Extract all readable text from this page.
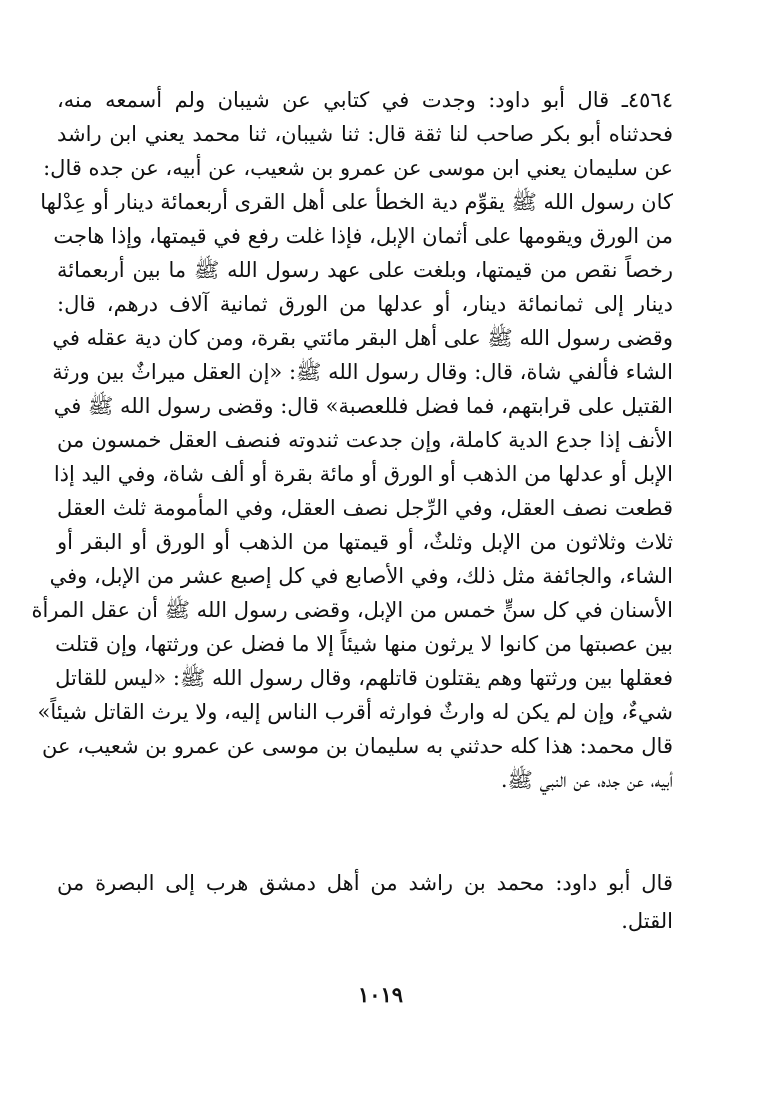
٤٥٦٤ـ قال أبو داود: وجدت في كتابي عن شيبان ولم أسمعه منه،
فحدثناه أبو بكر صاحب لنا ثقة قال: ثنا شيبان، ثنا محمد يعني ابن راشد
عن سليمان يعني ابن موسى عن عمرو بن شعيب، عن أبيه، عن جده قال:
كان رسول الله ﷺ يقوِّم دية الخطأ على أهل القرى أربعمائة دينار أو عِدْلها
من الورق ويقومها على أثمان الإبل، فإذا غلت رفع في قيمتها، وإذا هاجت
رخصاً نقص من قيمتها، وبلغت على عهد رسول الله ﷺ ما بين أربعمائة
دينار إلى ثمانمائة دينار، أو عدلها من الورق ثمانية آلاف درهم، قال:
وقضى رسول الله ﷺ على أهل البقر مائتي بقرة، ومن كان دية عقله في
الشاء فألفي شاة، قال: وقال رسول الله ﷺ: «إن العقل ميراثٌ بين ورثة
القتيل على قرابتهم، فما فضل فللعصبة» قال: وقضى رسول الله ﷺ في
الأنف إذا جدع الدية كاملة، وإن جدعت ثندوته فنصف العقل خمسون من
الإبل أو عدلها من الذهب أو الورق أو مائة بقرة أو ألف شاة، وفي اليد إذا
قطعت نصف العقل، وفي الرِّجل نصف العقل، وفي المأمومة ثلث العقل
ثلاث وثلاثون من الإبل وثلثٌ، أو قيمتها من الذهب أو الورق أو البقر أو
الشاء، والجائفة مثل ذلك، وفي الأصابع في كل إصبع عشر من الإبل، وفي
الأسنان في كل سنٍّ خمس من الإبل، وقضى رسول الله ﷺ أن عقل المرأة
بين عصبتها من كانوا لا يرثون منها شيئاً إلا ما فضل عن ورثتها، وإن قتلت
فعقلها بين ورثتها وهم يقتلون قاتلهم، وقال رسول الله ﷺ: «ليس للقاتل
شيءٌ، وإن لم يكن له وارثٌ فوارثه أقرب الناس إليه، ولا يرث القاتل شيئاً»
قال محمد: هذا كله حدثني به سليمان بن موسى عن عمرو بن شعيب، عن
أبيه، عن جده، عن النبي ﷺ.
قال أبو داود: محمد بن راشد من أهل دمشق هرب إلى البصرة من
القتل.
١٠١٩
